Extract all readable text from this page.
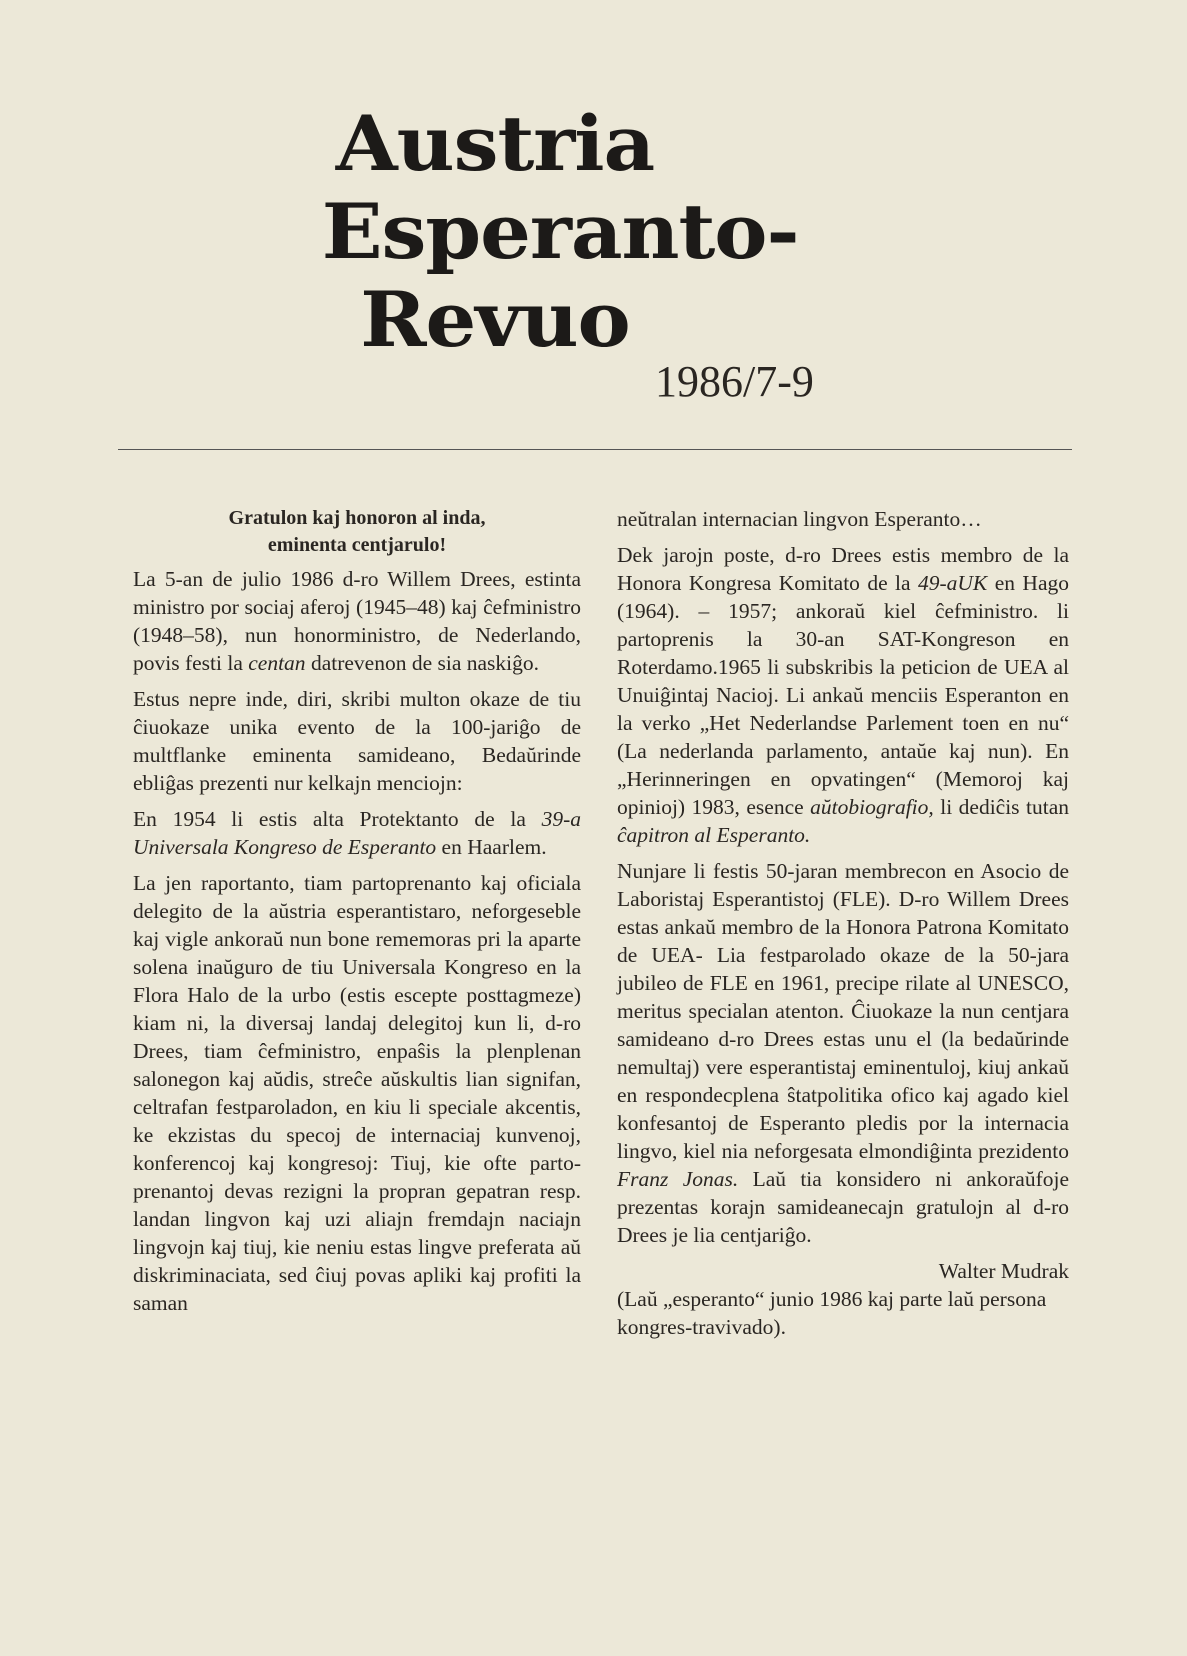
Austria
Esperanto-
Revuo
1986/7-9

Gratulon kaj honoron al inda,
eminenta centjarulo!

La 5-an de julio 1986 d-ro Willem Drees, estinta ministro por sociaj aferoj (1945–48) kaj ĉefministro (1948–58), nun honorministro, de Nederlando, povis festi la centan datrevenon de sia naskiĝo.

Estus nepre inde, diri, skribi multon okaze de tiu ĉiuokaze unika evento de la 100-jariĝo de multflanke eminenta samideano, Bedaŭrinde ebliĝas prezenti nur kelkajn menciojn:

En 1954 li estis alta Protektanto de la 39-a Universala Kongreso de Esperanto en Haarlem.

La jen raportanto, tiam partoprenanto kaj oficiala delegito de la aŭstria esperantistaro, neforgeseble kaj vigle ankoraŭ nun bone rememoras pri la aparte solena inaŭguro de tiu Universala Kongreso en la Flora Halo de la urbo (estis escepte posttagmeze) kiam ni, la diversaj landaj delegitoj kun li, d-ro Drees, tiam ĉefministro, enpaŝis la plenplenan salonegon kaj aŭdis, streĉe aŭskultis lian signifan, celtrafan festparoladon, en kiu li speciale akcentis, ke ekzistas du specoj de internaciaj kunvenoj, konferencoj kaj kongresoj: Tiuj, kie ofte partoprenantoj devas rezigni la propran gepatran resp. landan lingvon kaj uzi aliajn fremdajn naciajn lingvojn kaj tiuj, kie neniu estas lingve preferata aŭ diskriminaciata, sed ĉiuj povas apliki kaj profiti la saman

neŭtralan internacian lingvon Esperanto…

Dek jarojn poste, d-ro Drees estis membro de la Honora Kongresa Komitato de la 49-aUK en Hago (1964). – 1957; ankoraŭ kiel ĉefministro. li partoprenis la 30-an SAT-Kongreson en Roterdamo.1965 li subskribis la peticion de UEA al Unuiĝintaj Nacioj. Li ankaŭ menciis Esperanton en la verko „Het Nederlandse Parlement toen en nu“ (La nederlanda parlamento, antaŭe kaj nun). En „Herinneringen en opvatingen“ (Memoroj kaj opinioj) 1983, esence aŭtobiografio, li dediĉis tutan ĉapitron al Esperanto.

Nunjare li festis 50-jaran membrecon en Asocio de Laboristaj Esperantistoj (FLE). D-ro Willem Drees estas ankaŭ membro de la Honora Patrona Komitato de UEA- Lia festparolado okaze de la 50-jara jubileo de FLE en 1961, precipe rilate al UNESCO, meritus specialan atenton. Ĉiuokaze la nun centjara samideano d-ro Drees estas unu el (la bedaŭrinde nemultaj) vere esperantistaj eminentuloj, kiuj ankaŭ en respondecplena ŝtatpolitika ofico kaj agado kiel konfesantoj de Esperanto pledis por la internacia lingvo, kiel nia neforgesata elmondiĝinta prezidento Franz Jonas. Laŭ tia konsidero ni ankoraŭfoje prezentas korajn samideanecajn gratulojn al d-ro Drees je lia centjariĝo.

Walter Mudrak

(Laŭ „esperanto“ junio 1986 kaj parte laŭ persona kongres-travivado).
